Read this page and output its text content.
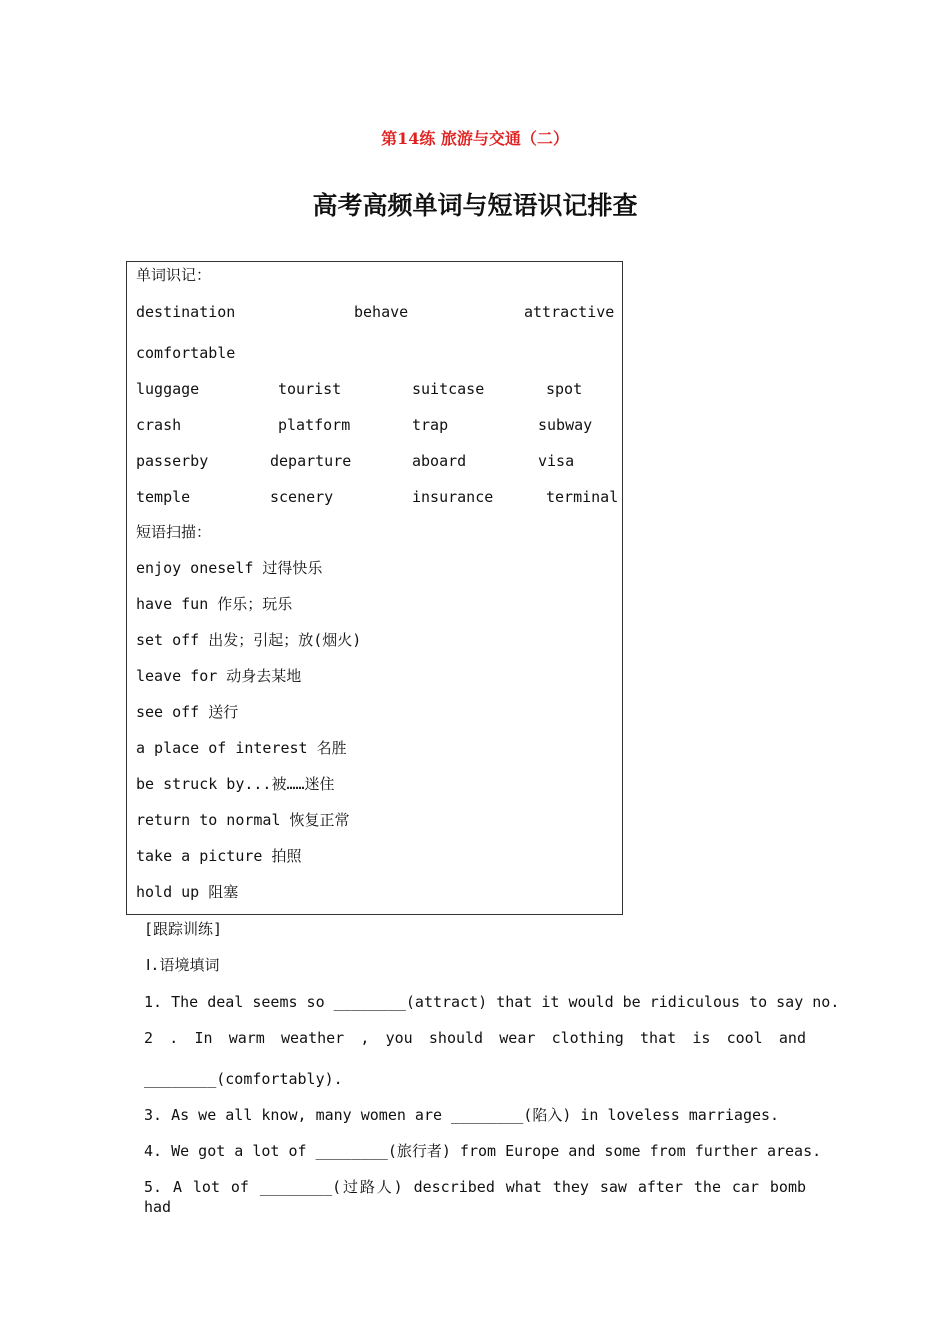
第14练 旅游与交通（二）
高考高频单词与短语识记排查
单词识记：
destination	behave	attractive
comfortable
luggage	tourist	suitcase	spot
crash	platform	trap	subway
passerby	departure	aboard	visa
temple	scenery	insurance	terminal
短语扫描：
enjoy oneself 过得快乐
have fun 作乐；玩乐
set off 出发；引起；放(烟火)
leave for 动身去某地
see off 送行
a place of interest 名胜
be struck by...被……迷住
return to normal 恢复正常
take a picture 拍照
hold up 阻塞
[跟踪训练]
Ⅰ.语境填词
1. The deal seems so ________(attract) that it would be ridiculous to say no.
2 . In warm weather , you should wear clothing that is cool and
________(comfortably).
3. As we all know, many women are ________(陷入) in loveless marriages.
4. We got a lot of ________(旅行者) from Europe and some from further areas.
5. A lot of ________(过路人) described what they saw after the car bomb had
